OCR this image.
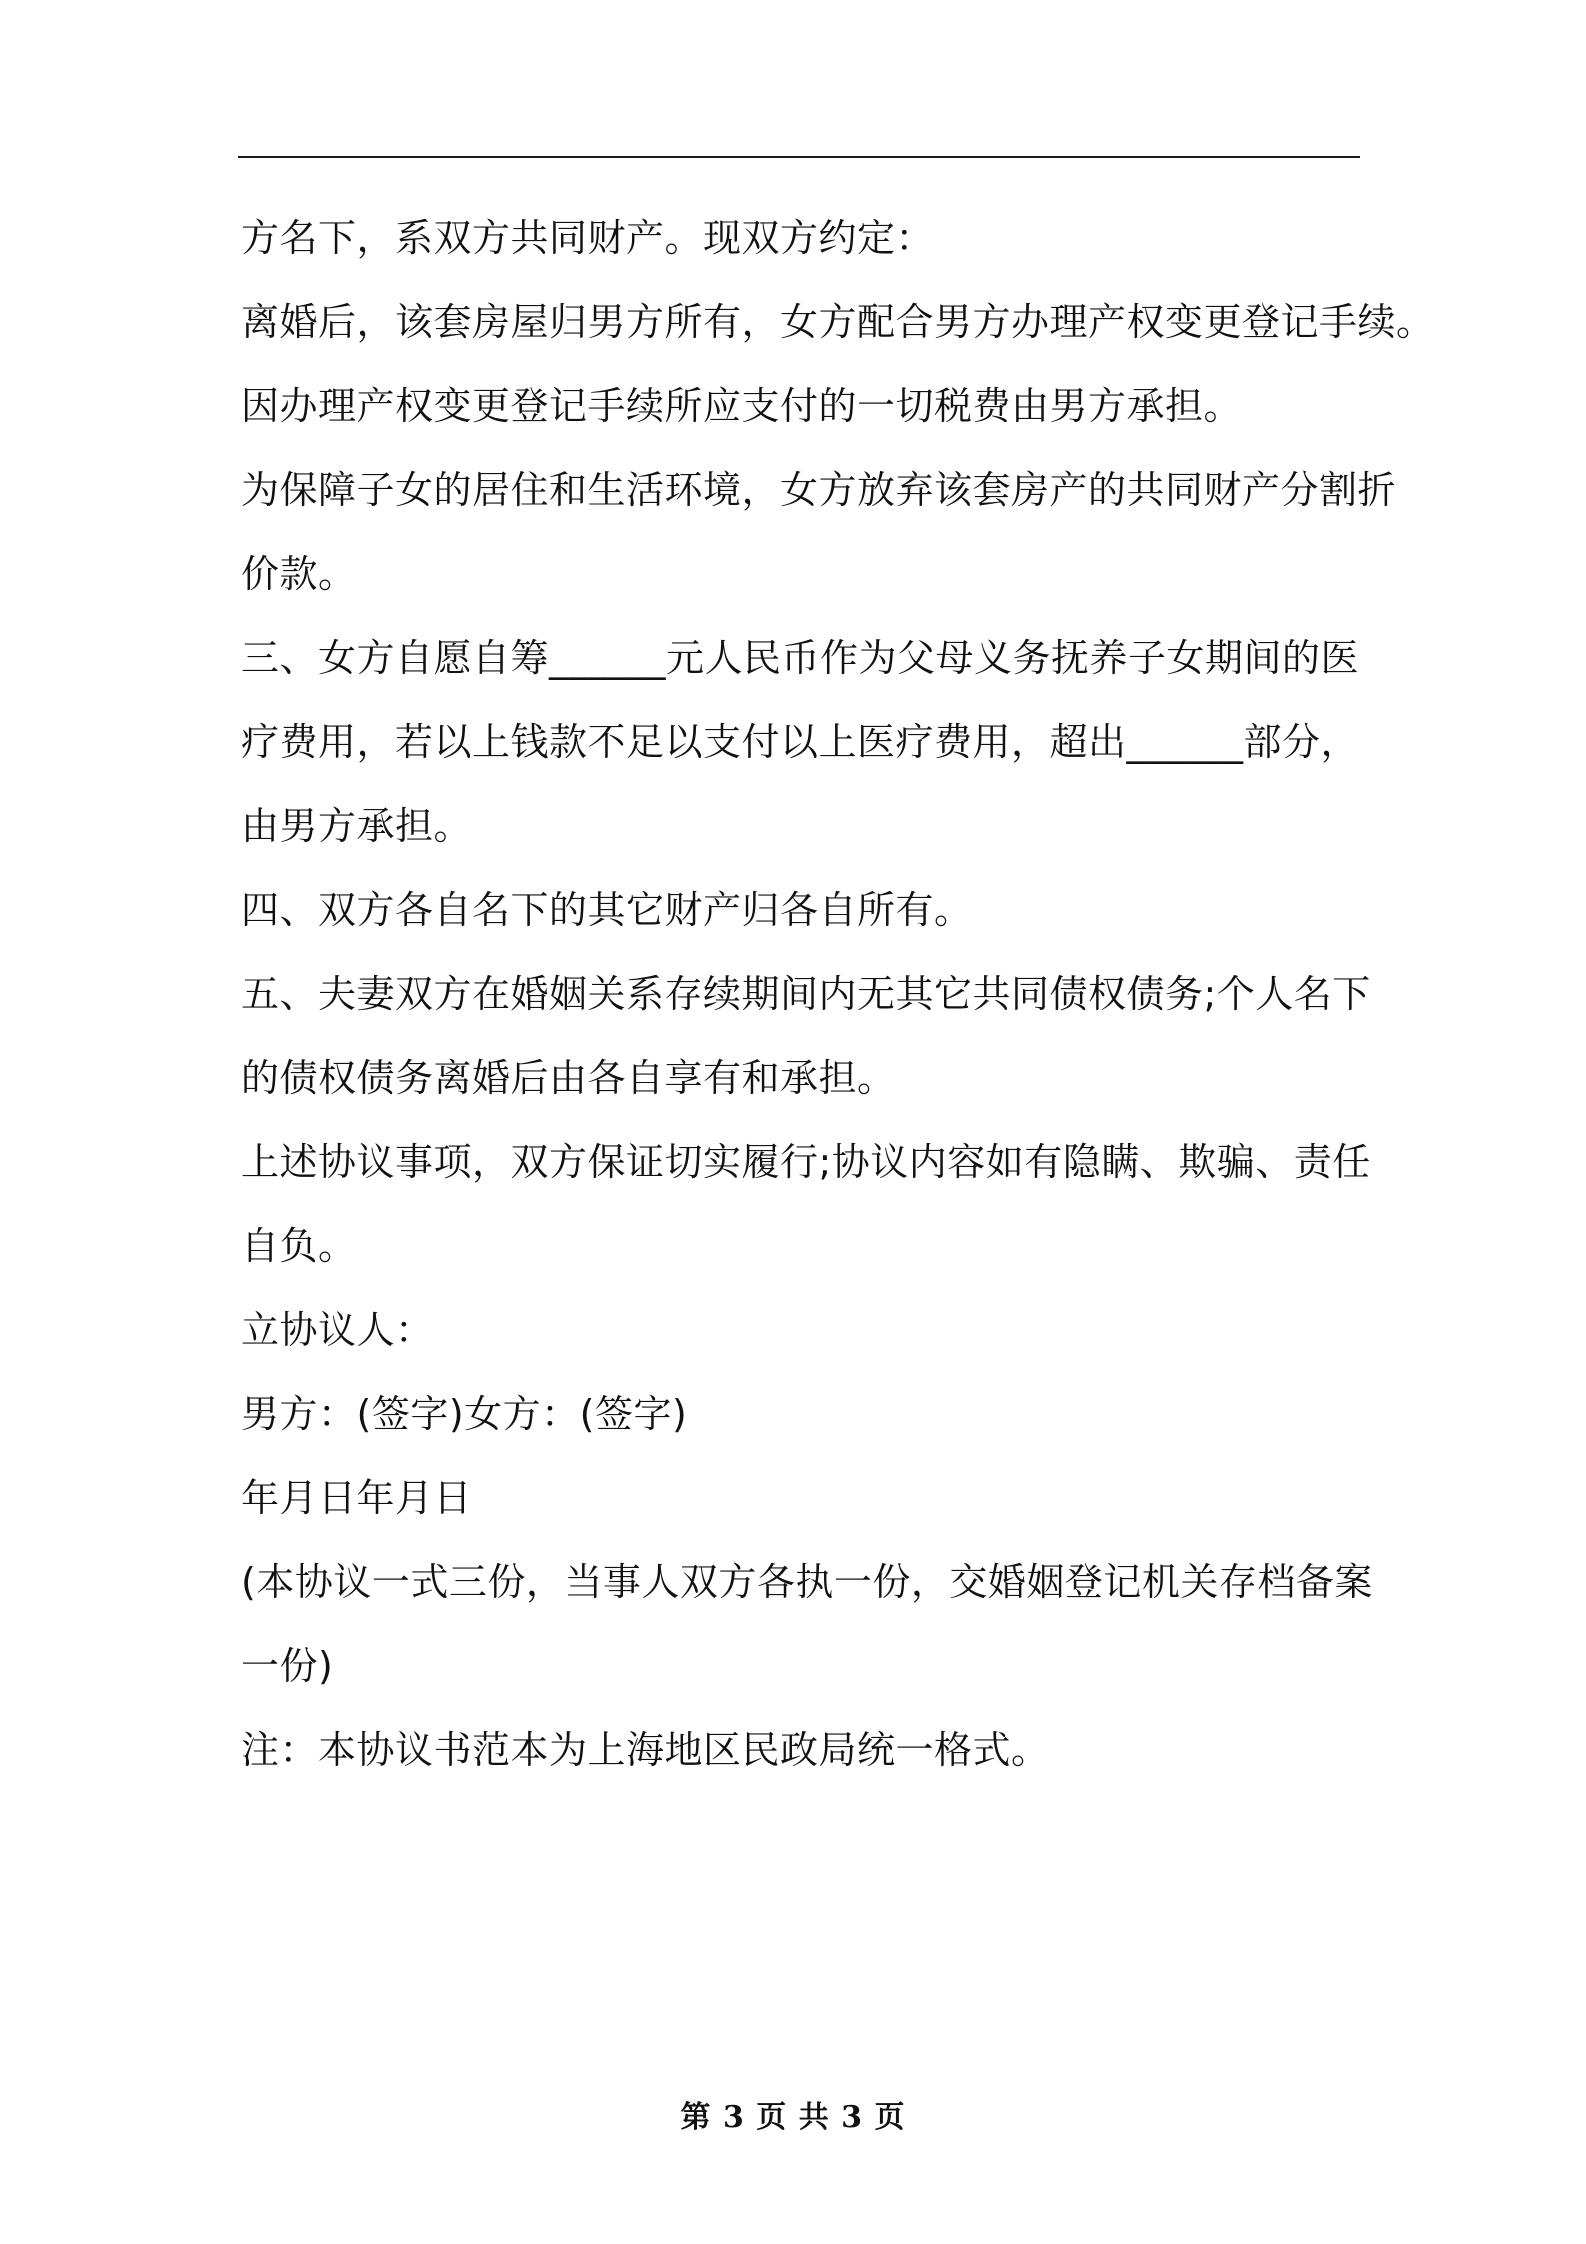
方名下，系双方共同财产。现双方约定：
离婚后，该套房屋归男方所有，女方配合男方办理产权变更登记手续。
因办理产权变更登记手续所应支付的一切税费由男方承担。
为保障子女的居住和生活环境，女方放弃该套房产的共同财产分割折
价款。
三、女方自愿自筹______元人民币作为父母义务抚养子女期间的医
疗费用，若以上钱款不足以支付以上医疗费用，超出______部分，
由男方承担。
四、双方各自名下的其它财产归各自所有。
五、夫妻双方在婚姻关系存续期间内无其它共同债权债务;个人名下
的债权债务离婚后由各自享有和承担。
上述协议事项，双方保证切实履行;协议内容如有隐瞒、欺骗、责任
自负。
立协议人：
男方：(签字)女方：(签字)
年月日年月日
(本协议一式三份，当事人双方各执一份，交婚姻登记机关存档备案
一份)
注：本协议书范本为上海地区民政局统一格式。
第 3 页 共 3 页
